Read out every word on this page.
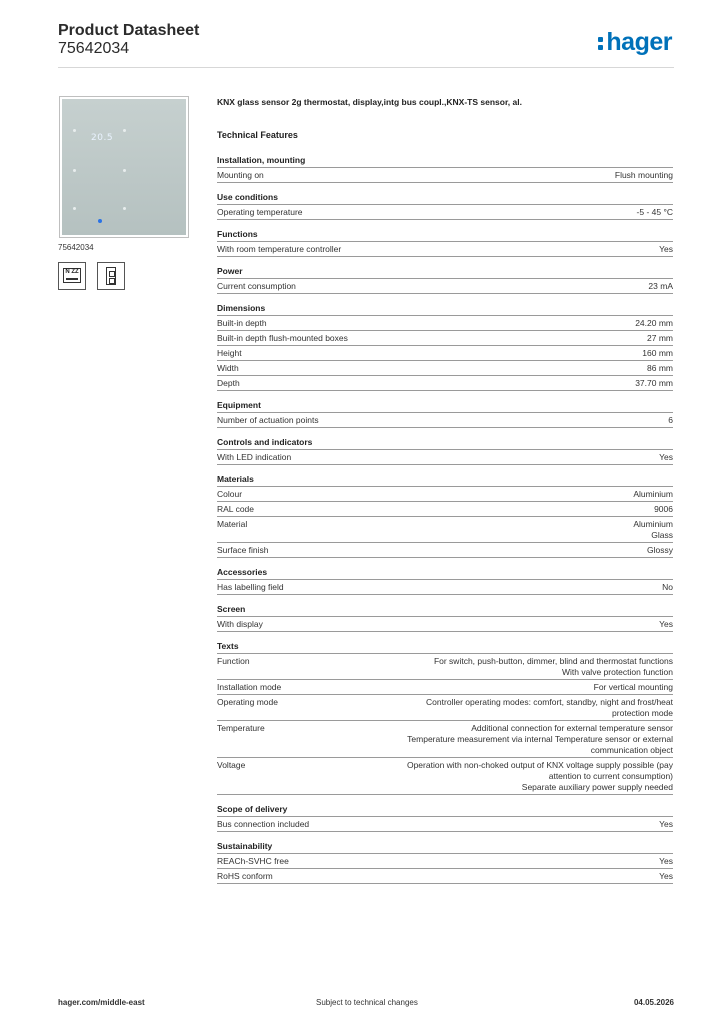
Product Datasheet
75642034	hager
20.5
75642034
N ZZ
KNX glass sensor 2g thermostat, display,intg bus coupl.,KNX-TS sensor, al.
Technical Features
Installation, mounting
Mounting on	Flush mounting
Use conditions
Operating temperature	-5 - 45 °C
Functions
With room temperature controller	Yes
Power
Current consumption	23 mA
Dimensions
Built-in depth	24.20 mm
Built-in depth flush-mounted boxes	27 mm
Height	160 mm
Width	86 mm
Depth	37.70 mm
Equipment
Number of actuation points	6
Controls and indicators
With LED indication	Yes
Materials
Colour	Aluminium
RAL code	9006
Material	Aluminium
Glass
Surface finish	Glossy
Accessories
Has labelling field	No
Screen
With display	Yes
Texts
Function	For switch, push-button, dimmer, blind and thermostat functions
With valve protection function
Installation mode	For vertical mounting
Operating mode	Controller operating modes: comfort, standby, night and frost/heat
protection mode
Temperature	Additional connection for external temperature sensor
Temperature measurement via internal Temperature sensor or external
communication object
Voltage	Operation with non-choked output of KNX voltage supply possible (pay
attention to current consumption)
Separate auxiliary power supply needed
Scope of delivery
Bus connection included	Yes
Sustainability
REACh-SVHC free	Yes
RoHS conform	Yes
hager.com/middle-east	Subject to technical changes	04.05.2026
